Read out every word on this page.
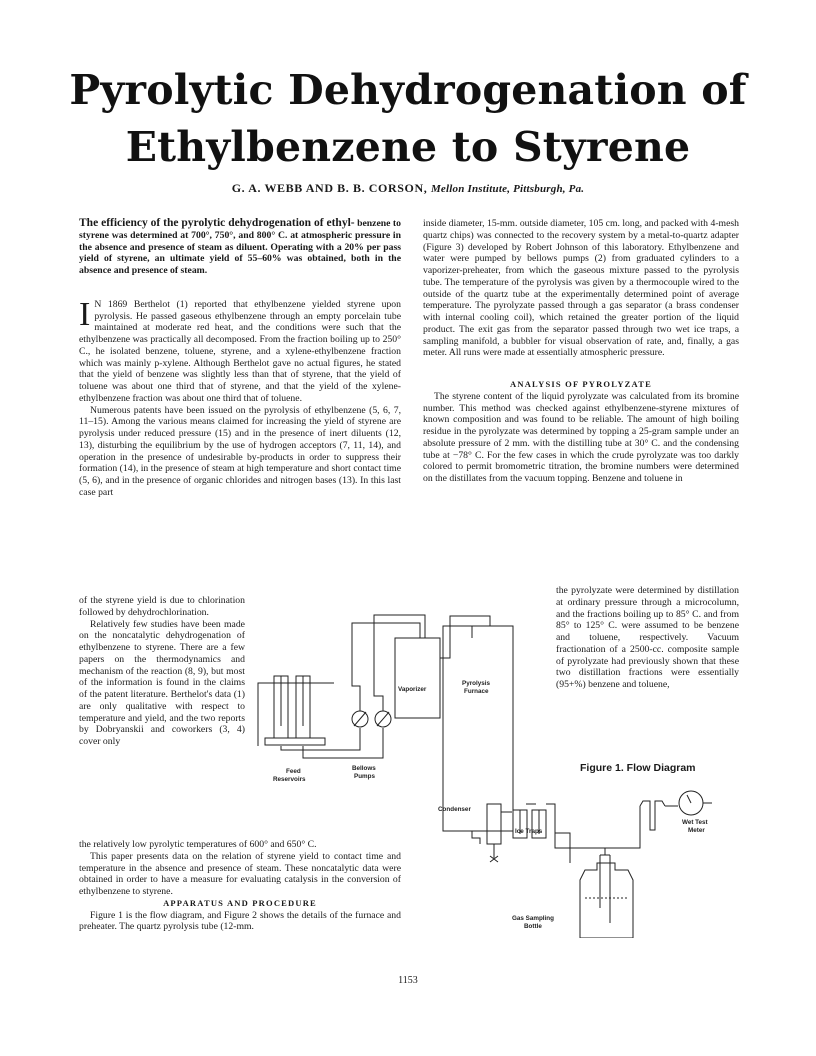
Pyrolytic Dehydrogenation of
Ethylbenzene to Styrene
G. A. WEBB AND B. B. CORSON, Mellon Institute, Pittsburgh, Pa.

The efficiency of the pyrolytic dehydrogenation of ethyl- benzene to styrene was determined at 700°, 750°, and 800° C. at atmospheric pressure in the absence and presence of steam as diluent. Operating with a 20% per pass yield of styrene, an ultimate yield of 55–60% was obtained, both in the absence and presence of steam.

I N 1869 Berthelot (1) reported that ethylbenzene yielded styrene upon pyrolysis. He passed gaseous ethylbenzene through an empty porcelain tube maintained at moderate red heat, and the conditions were such that the ethylbenzene was practically all decomposed. From the fraction boiling up to 250° C., he isolated benzene, toluene, styrene, and a xylene-ethylbenzene fraction which was mainly p-xylene. Although Berthelot gave no actual figures, he stated that the yield of benzene was slightly less than that of styrene, that the yield of toluene was about one third that of styrene, and that the yield of the xylene-ethylbenzene fraction was about one third that of toluene.

Numerous patents have been issued on the pyrolysis of ethylbenzene (5, 6, 7, 11–15). Among the various means claimed for increasing the yield of styrene are pyrolysis under reduced pressure (15) and in the presence of inert diluents (12, 13), disturbing the equilibrium by the use of hydrogen acceptors (7, 11, 14), and operation in the presence of undesirable by-products in order to suppress their formation (14), in the presence of steam at high temperature and short contact time (5, 6), and in the presence of organic chlorides and nitrogen bases (13). In this last case part

of the styrene yield is due to chlorination followed by dehydrochlorination.

Relatively few studies have been made on the noncatalytic dehydrogenation of ethylbenzene to styrene. There are a few papers on the thermodynamics and mechanism of the reaction (8, 9), but most of the information is found in the claims of the patent literature. Berthelot's data (1) are only qualitative with respect to temperature and yield, and the two reports by Dobryanskii and coworkers (3, 4) cover only

the relatively low pyrolytic temperatures of 600° and 650° C.

This paper presents data on the relation of styrene yield to contact time and temperature in the absence and presence of steam. These noncatalytic data were obtained in order to have a measure for evaluating catalysis in the conversion of ethylbenzene to styrene.

APPARATUS AND PROCEDURE

Figure 1 is the flow diagram, and Figure 2 shows the details of the furnace and preheater. The quartz pyrolysis tube (12-mm.

inside diameter, 15-mm. outside diameter, 105 cm. long, and packed with 4-mesh quartz chips) was connected to the recovery system by a metal-to-quartz adapter (Figure 3) developed by Robert Johnson of this laboratory. Ethylbenzene and water were pumped by bellows pumps (2) from graduated cylinders to a vaporizer-preheater, from which the gaseous mixture passed to the pyrolysis tube. The temperature of the pyrolysis was given by a thermocouple wired to the outside of the quartz tube at the experimentally determined point of average temperature. The pyrolyzate passed through a gas separator (a brass condenser with internal cooling coil), which retained the greater portion of the liquid product. The exit gas from the separator passed through two wet ice traps, a sampling manifold, a bubbler for visual observation of rate, and, finally, a gas meter. All runs were made at essentially atmospheric pressure.

ANALYSIS OF PYROLYZATE

The styrene content of the liquid pyrolyzate was calculated from its bromine number. This method was checked against ethylbenzene-styrene mixtures of known composition and was found to be reliable. The amount of high boiling residue in the pyrolyzate was determined by topping a 25-gram sample under an absolute pressure of 2 mm. with the distilling tube at 30° C. and the condensing tube at −78° C. For the few cases in which the crude pyrolyzate was too darkly colored to permit bromometric titration, the bromine numbers were determined on the distillates from the vacuum topping. Benzene and toluene in

the pyrolyzate were determined by distillation at ordinary pressure through a microcolumn, and the fractions boiling up to 85° C. and from 85° to 125° C. were assumed to be benzene and toluene, respectively. Vacuum fractionation of a 2500-cc. composite sample of pyrolyzate had previously shown that these two distillation fractions were essentially (95+%) benzene and toluene,

Vaporizer
Pyrolysis
Furnace
Feed
Reservoirs
Bellows
Pumps
Condenser
Ice Traps
Wet Test
Meter
Gas Sampling
Bottle
Figure 1. Flow Diagram
1153
